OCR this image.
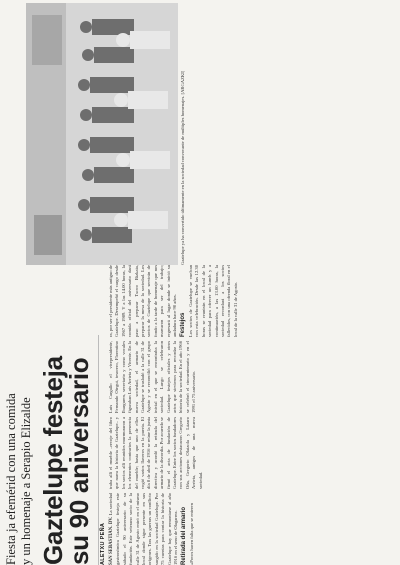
Fiesta ja efemérid con una comida y un homenaje a Serapio Elizalde Gaztelupe festeja
su 90 aniversario ALETXU PEÑA SAN SEBASTIÁN. DV. La sociedad gastronómica Gaztelupe festeja este sábado el 90 aniversario de su fundación. Este veterano socio de la calle 31 de Agosto entró en el mismo local donde sigue presente en sus orígenes. Tras las guerras un conflicto surgido en la sociedad Gaztelupe. Por 75 cuentas para contar la historia de Gaztelupe hay que remontarse al año 1916 en el seno de Olagarrea. Retirada del armario «Pocos hacen falta que se enteren

traba allí el mueble –recoje del libro que narra la historia de Gaztelupe– y los socios allí reunidos murmuraron a los elementos contrarios la presencia del mueble; hasta que uno de ellos cogió varios llaveros en la puerta. El día 8 de abril de 1916 se reúne la junta directiva y acordó la retirada del armario de la discordia. Por acuerdo se firmó el acta de fundación de Gaztelupe. Entre los socios fundadores con sus acciones destacaron Gregorio Oña, Gregorio Olaizola y Lázaro Arrieta, amigos de una nueva sociedad.

Luis Cargallo el vicepresidente, Fernando Otegui, tesorero, Florentino Ibarguren, secretario y como vocales figuraban Luis Arrieta y Vicente. En la nueva sociedad, el armario de Gaztelupe se trasladó a la calle 31 de Agosto y se reconcilió con el grupo inicial en el que se encontraba la sociedad. Luego se celebraron Gaztelupe festejos oficiales y otros actos que sirvieron para recordar la historia de la sociedad. En el año 1966 se celebró el cincuentenario y en el 1991 el 75 aniversario.

ra, por ser el presidente más antiguo de Gaztelupe. Desempeñó el cargo desde 1967 a 1989. Y a las 14.00 horas, la comida oficial del aniversario dará paso a preparar Txoco Bizkaia, preparar la mesa de la sociedad. Los socios de Gaztelupe que servirán de fondo a la tarde de homenaje que nos marcaron para ser del trabajo; regresará al lugar donde se inició su andadura hace 90 años. Festejos Los socios de Gaztelupe se vuelcan con esta celebración. Desde las 12.30 horas se reunirán en el local de la sociedad para ofrecer un lunch y a continuación, a las 13.00 horas, la sociedad recordará a los socios fallecidos, con una ofrenda floral en el local de la calle 31 de Agosto.

Gaztelupe ya ha convertido últimamente en la sociedad convocante de múltiples homenajes. [ARGAZKI]
